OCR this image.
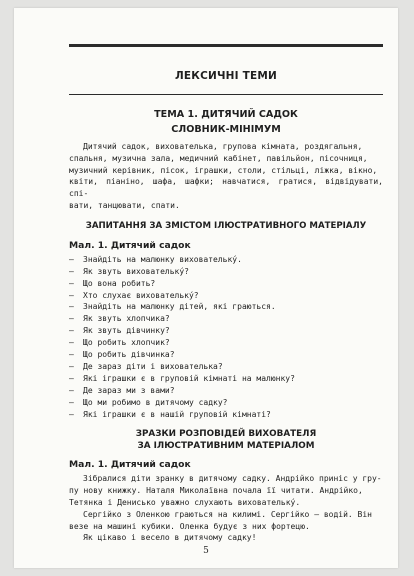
ЛЕКСИЧНІ ТЕМИ
ТЕМА 1. ДИТЯЧИЙ САДОК
СЛОВНИК-МІНІМУМ
Дитячий садок, вихователька, групова кімната, роздягальня,
спальня, музична зала, медичний кабінет, павільйон, пісочниця,
музичний керівник, пісок, іграшки, столи, стільці, ліжка, вікно,
квіти, піаніно, шафа, шафки; навчатися, гратися, відвідувати, спі-
вати, танцювати, спати.
ЗАПИТАННЯ ЗА ЗМІСТОМ ІЛЮСТРАТИВНОГО МАТЕРІАЛУ
Мал. 1. Дитячий садок
— Знайдіть на малюнку вихователькý.
— Як звуть вихователькý?
— Що вона робить?
— Хто слухає вихователькý?
— Знайдіть на малюнку дітей, які граються.
— Як звуть хлопчика?
— Як звуть дівчинку?
— Що робить хлопчик?
— Що робить дівчинка?
— Де зараз діти і вихователька?
— Які іграшки є в груповій кімнаті на малюнку?
— Де зараз ми з вами?
— Що ми робимо в дитячому садку?
— Які іграшки є в нашій груповій кімнаті?
ЗРАЗКИ РОЗПОВІДЕЙ ВИХОВАТЕЛЯ
ЗА ІЛЮСТРАТИВНИМ МАТЕРІАЛОМ
Мал. 1. Дитячий садок
Зібралися діти зранку в дитячому садку. Андрійко приніс у гру-
пу нову книжку. Наталя Миколаївна почала її читати. Андрійко,
Тетянка і Денисько уважно слухають вихователькý.
Сергійко з Оленкою граються на килимі. Сергійко — водій. Він
везе на машині кубики. Оленка будує з них фортецю.
Як цікаво і весело в дитячому садку!
5
